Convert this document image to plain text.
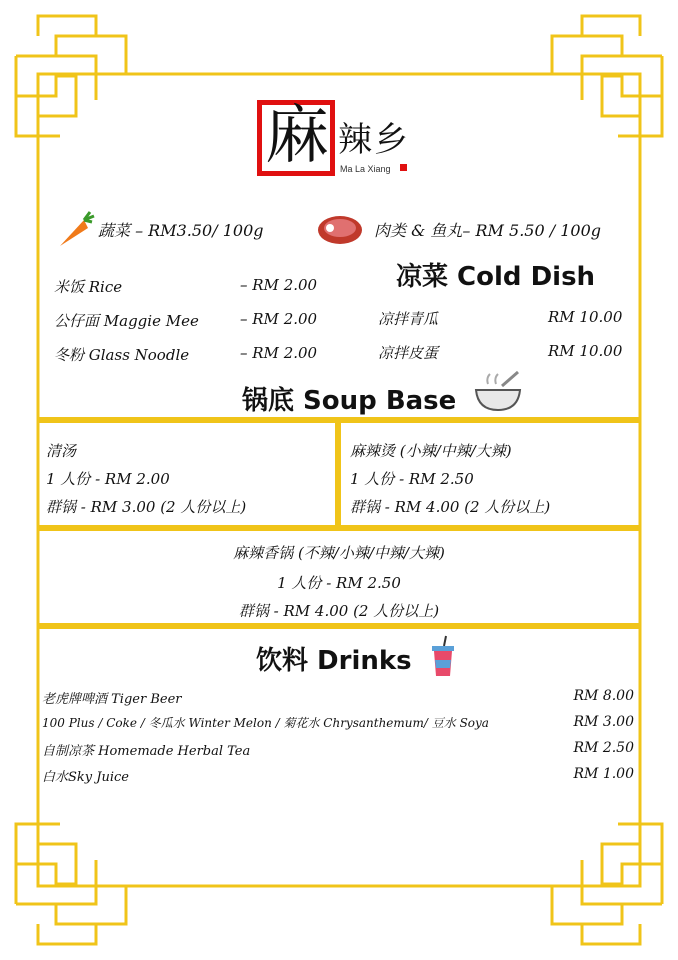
麻 辣乡
Ma La Xiang
蔬菜 – RM3.50/ 100g	肉类 & 鱼丸– RM 5.50 / 100g
米饭 Rice	– RM 2.00
公仔面 Maggie Mee	– RM 2.00
冬粉 Glass Noodle	– RM 2.00
凉菜 Cold Dish
凉拌青瓜	RM 10.00
凉拌皮蛋	RM 10.00
锅底 Soup Base
清汤
1 人份 - RM 2.00
群锅 - RM 3.00 (2 人份以上)
麻辣烫 (小辣/中辣/大辣)
1 人份 - RM 2.50
群锅 - RM 4.00 (2 人份以上)
麻辣香锅 (不辣/小辣/中辣/大辣)
1 人份 - RM 2.50
群锅 - RM 4.00 (2 人份以上)
饮料 Drinks
老虎牌啤酒 Tiger Beer	RM 8.00
100 Plus / Coke / 冬瓜水 Winter Melon / 菊花水 Chrysanthemum/ 豆水 Soya	RM 3.00
自制凉茶 Homemade Herbal Tea	RM 2.50
白水Sky Juice	RM 1.00
